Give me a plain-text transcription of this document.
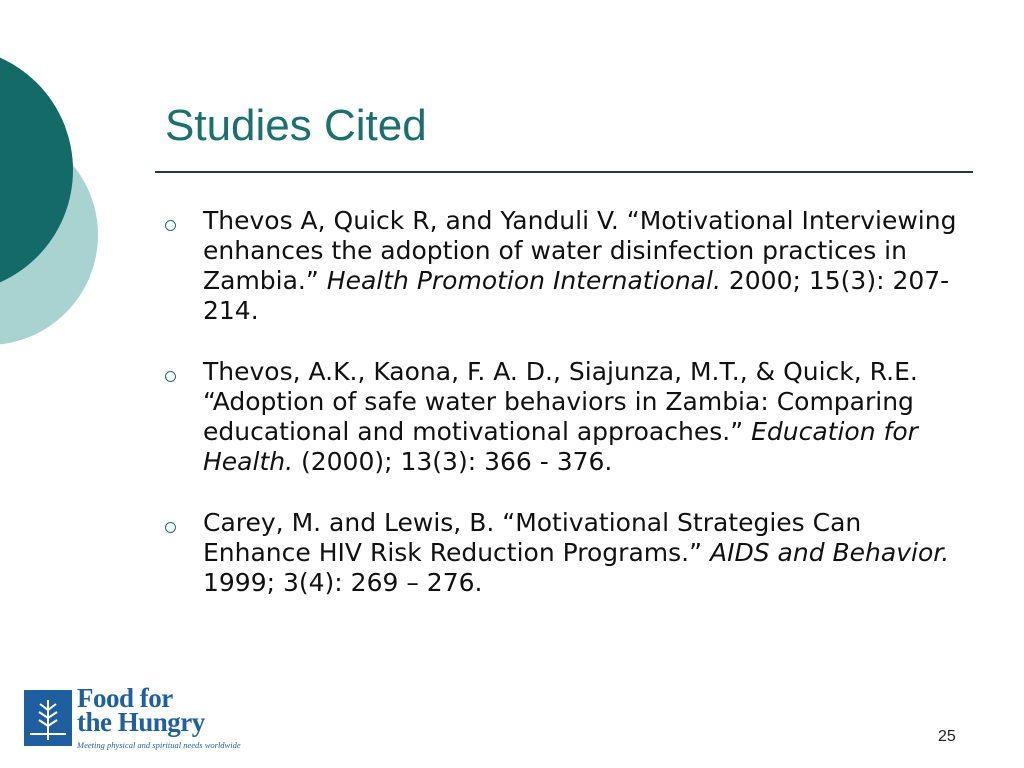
Studies Cited
Thevos A, Quick R, and Yanduli V. “Motivational Interviewing enhances the adoption of water disinfection practices in Zambia.” Health Promotion International. 2000; 15(3): 207-214.
Thevos, A.K., Kaona, F. A. D., Siajunza, M.T., & Quick, R.E. “Adoption of safe water behaviors in Zambia: Comparing educational and motivational approaches.” Education for Health. (2000); 13(3): 366 - 376.
Carey, M. and Lewis, B. “Motivational Strategies Can Enhance HIV Risk Reduction Programs.” AIDS and Behavior. 1999; 3(4): 269 – 276.
Food for
the Hungry
Meeting physical and spiritual needs worldwide	25
